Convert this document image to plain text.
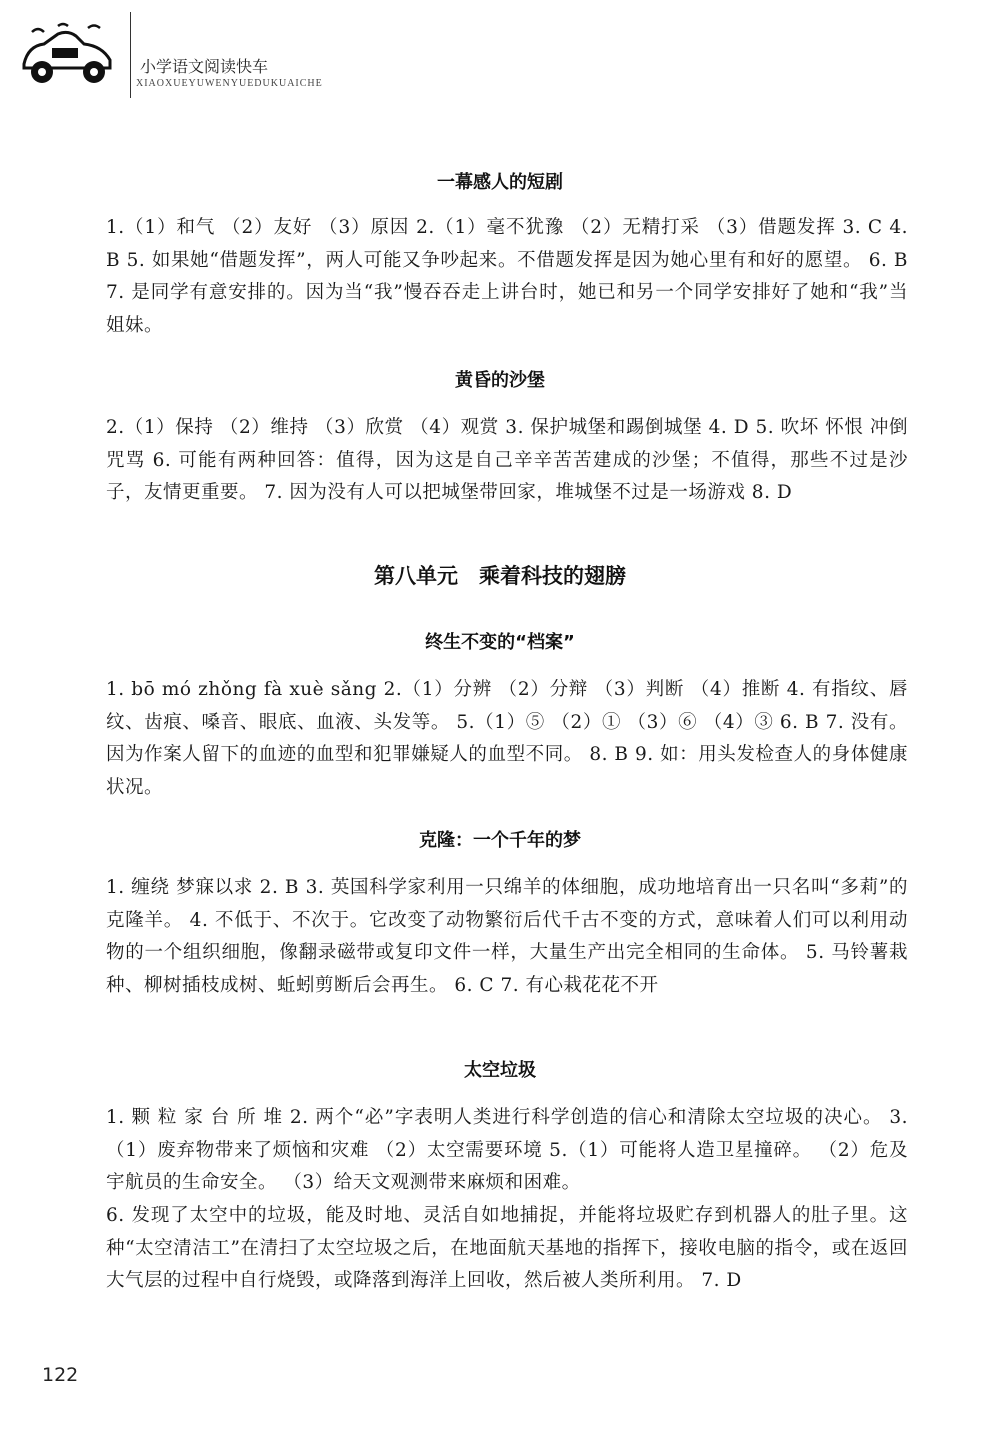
小学语文阅读快车
XIAOXUEYUWENYUEDUKUAICHE
一幕感人的短剧

1.（1）和气 （2）友好 （3）原因 2.（1）毫不犹豫 （2）无精打采 （3）借题发挥 3. C 4. B 5. 如果她“借题发挥”，两人可能又争吵起来。不借题发挥是因为她心里有和好的愿望。 6. B 7. 是同学有意安排的。因为当“我”慢吞吞走上讲台时，她已和另一个同学安排好了她和“我”当姐妹。

黄昏的沙堡

2.（1）保持 （2）维持 （3）欣赏 （4）观赏 3. 保护城堡和踢倒城堡 4. D 5. 吹坏 怀恨 冲倒 咒骂 6. 可能有两种回答：值得，因为这是自己辛辛苦苦建成的沙堡；不值得，那些不过是沙子，友情更重要。 7. 因为没有人可以把城堡带回家，堆城堡不过是一场游戏 8. D

第八单元　乘着科技的翅膀
终生不变的“档案”

1. bō mó zhǒng fà xuè sǎng 2.（1）分辨 （2）分辩 （3）判断 （4）推断 4. 有指纹、唇纹、齿痕、嗓音、眼底、血液、头发等。 5.（1）⑤ （2）① （3）⑥ （4）③ 6. B 7. 没有。因为作案人留下的血迹的血型和犯罪嫌疑人的血型不同。 8. B 9. 如：用头发检查人的身体健康状况。

克隆：一个千年的梦

1. 缠绕 梦寐以求 2. B 3. 英国科学家利用一只绵羊的体细胞，成功地培育出一只名叫“多莉”的克隆羊。 4. 不低于、不次于。它改变了动物繁衍后代千古不变的方式，意味着人们可以利用动物的一个组织细胞，像翻录磁带或复印文件一样，大量生产出完全相同的生命体。 5. 马铃薯栽种、柳树插枝成树、蚯蚓剪断后会再生。 6. C 7. 有心栽花花不开

太空垃圾

1. 颗 粒 家 台 所 堆 2. 两个“必”字表明人类进行科学创造的信心和清除太空垃圾的决心。 3.（1）废弃物带来了烦恼和灾难 （2）太空需要环境 5.（1）可能将人造卫星撞碎。 （2）危及宇航员的生命安全。 （3）给天文观测带来麻烦和困难。

6. 发现了太空中的垃圾，能及时地、灵活自如地捕捉，并能将垃圾贮存到机器人的肚子里。这种“太空清洁工”在清扫了太空垃圾之后，在地面航天基地的指挥下，接收电脑的指令，或在返回大气层的过程中自行烧毁，或降落到海洋上回收，然后被人类所利用。 7. D

122
